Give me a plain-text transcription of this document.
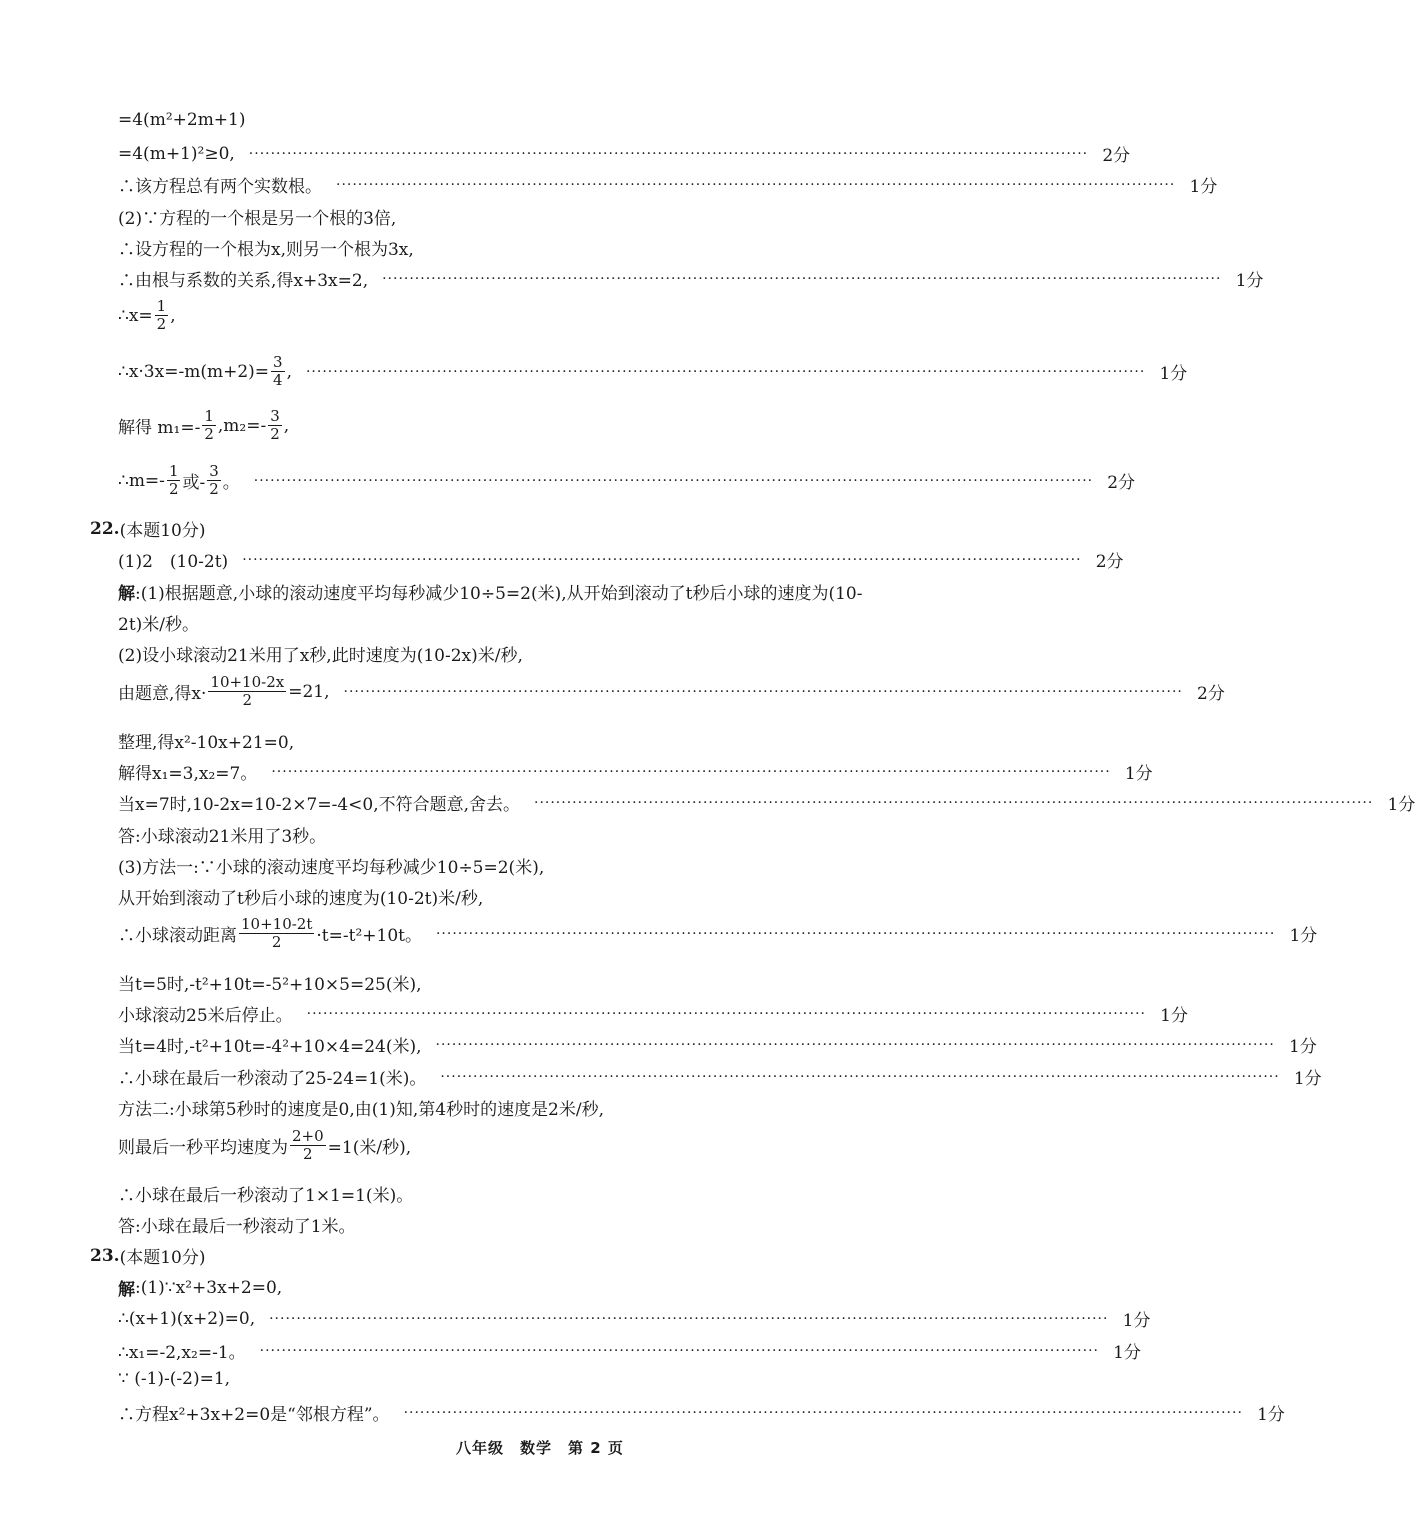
=4(m²+2m+1)
=4(m+1)²≥0, ·························································································································································· 2分
∴该方程总有两个实数根。 ·························································································································································· 1分
(2)∵方程的一个根是另一个根的3倍,
∴设方程的一个根为x,则另一个根为3x,
∴由根与系数的关系,得x+3x=2, ·························································································································································· 1分
∴x= $\frac{1}{2}$ ,
∴x·3x=-m(m+2)= $\frac{3}{4}$ , ·························································································································································· 1分
解得 $m_1=- \frac{1}{2} ,m_2=- \frac{3}{2}$ ,
∴m=- $\frac{1}{2}$ 或- $\frac{3}{2}$ 。 ·························································································································································· 2分
22. (本题10分)
(1)2　(10-2t) ·························································································································································· 2分
解 :(1)根据题意,小球的滚动速度平均每秒减少10÷5=2(米),从开始到滚动了t秒后小球的速度为(10-
2t)米/秒。
(2)设小球滚动21米用了x秒,此时速度为(10-2x)米/秒,
由题意,得$x\cdot \frac{10+10-2x}{2} =21$, ·························································································································································· 2分
整理,得x²-10x+21=0,
解得x₁=3,x₂=7。 ·························································································································································· 1分
当x=7时,10-2x=10-2×7=-4<0,不符合题意,舍去。 ·························································································································································· 1分
答:小球滚动21米用了3秒。
(3)方法一:∵小球的滚动速度平均每秒减少10÷5=2(米),
从开始到滚动了t秒后小球的速度为(10-2t)米/秒,
∴小球滚动距离 $\frac{10+10-2t}{2} \cdot t=-t^2+10t$。 ·························································································································································· 1分
当t=5时,-t²+10t=-5²+10×5=25(米),
小球滚动25米后停止。 ·························································································································································· 1分
当t=4时,-t²+10t=-4²+10×4=24(米), ·························································································································································· 1分
∴小球在最后一秒滚动了25-24=1(米)。 ·························································································································································· 1分
方法二:小球第5秒时的速度是0,由(1)知,第4秒时的速度是2米/秒,
则最后一秒平均速度为 $\frac{2+0}{2} =1$(米/秒),
∴小球在最后一秒滚动了1×1=1(米)。
答:小球在最后一秒滚动了1米。
23. (本题10分)
解 :(1)∵x²+3x+2=0,
∴(x+1)(x+2)=0, ·························································································································································· 1分
∴x₁=-2,x₂=-1。 ·························································································································································· 1分
∵ (-1)-(-2)=1,
∴方程x²+3x+2=0是“邻根方程”。 ·························································································································································· 1分
八年级　数学　第 2 页
